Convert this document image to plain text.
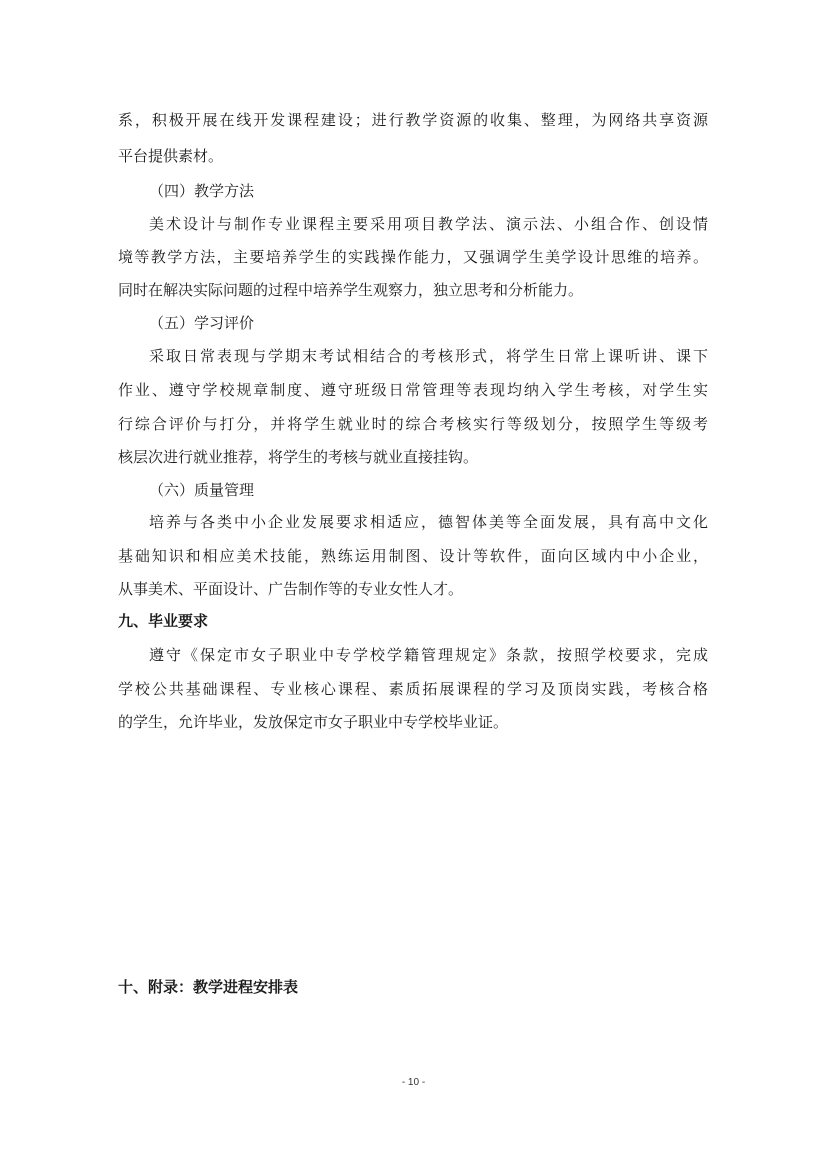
系，积极开展在线开发课程建设；进行教学资源的收集、整理，为网络共享资源
平台提供素材。
（四）教学方法
美术设计与制作专业课程主要采用项目教学法、演示法、小组合作、创设情
境等教学方法，主要培养学生的实践操作能力，又强调学生美学设计思维的培养。
同时在解决实际问题的过程中培养学生观察力，独立思考和分析能力。
（五）学习评价
采取日常表现与学期末考试相结合的考核形式，将学生日常上课听讲、课下
作业、遵守学校规章制度、遵守班级日常管理等表现均纳入学生考核，对学生实
行综合评价与打分，并将学生就业时的综合考核实行等级划分，按照学生等级考
核层次进行就业推荐，将学生的考核与就业直接挂钩。
（六）质量管理
培养与各类中小企业发展要求相适应，德智体美等全面发展，具有高中文化
基础知识和相应美术技能，熟练运用制图、设计等软件，面向区域内中小企业，
从事美术、平面设计、广告制作等的专业女性人才。
九、毕业要求
遵守《保定市女子职业中专学校学籍管理规定》条款，按照学校要求，完成
学校公共基础课程、专业核心课程、素质拓展课程的学习及顶岗实践，考核合格
的学生，允许毕业，发放保定市女子职业中专学校毕业证。
十、附录：教学进程安排表
- 10 -
